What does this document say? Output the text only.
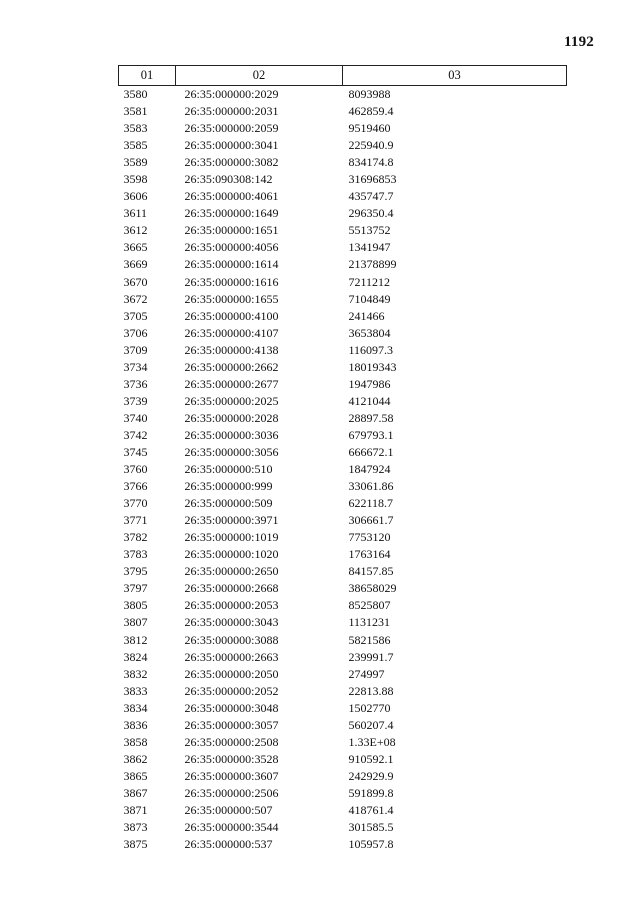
1192
01	02	03
3580	26:35:000000:2029	8093988
3581	26:35:000000:2031	462859.4
3583	26:35:000000:2059	9519460
3585	26:35:000000:3041	225940.9
3589	26:35:000000:3082	834174.8
3598	26:35:090308:142	31696853
3606	26:35:000000:4061	435747.7
3611	26:35:000000:1649	296350.4
3612	26:35:000000:1651	5513752
3665	26:35:000000:4056	1341947
3669	26:35:000000:1614	21378899
3670	26:35:000000:1616	7211212
3672	26:35:000000:1655	7104849
3705	26:35:000000:4100	241466
3706	26:35:000000:4107	3653804
3709	26:35:000000:4138	116097.3
3734	26:35:000000:2662	18019343
3736	26:35:000000:2677	1947986
3739	26:35:000000:2025	4121044
3740	26:35:000000:2028	28897.58
3742	26:35:000000:3036	679793.1
3745	26:35:000000:3056	666672.1
3760	26:35:000000:510	1847924
3766	26:35:000000:999	33061.86
3770	26:35:000000:509	622118.7
3771	26:35:000000:3971	306661.7
3782	26:35:000000:1019	7753120
3783	26:35:000000:1020	1763164
3795	26:35:000000:2650	84157.85
3797	26:35:000000:2668	38658029
3805	26:35:000000:2053	8525807
3807	26:35:000000:3043	1131231
3812	26:35:000000:3088	5821586
3824	26:35:000000:2663	239991.7
3832	26:35:000000:2050	274997
3833	26:35:000000:2052	22813.88
3834	26:35:000000:3048	1502770
3836	26:35:000000:3057	560207.4
3858	26:35:000000:2508	1.33E+08
3862	26:35:000000:3528	910592.1
3865	26:35:000000:3607	242929.9
3867	26:35:000000:2506	591899.8
3871	26:35:000000:507	418761.4
3873	26:35:000000:3544	301585.5
3875	26:35:000000:537	105957.8
